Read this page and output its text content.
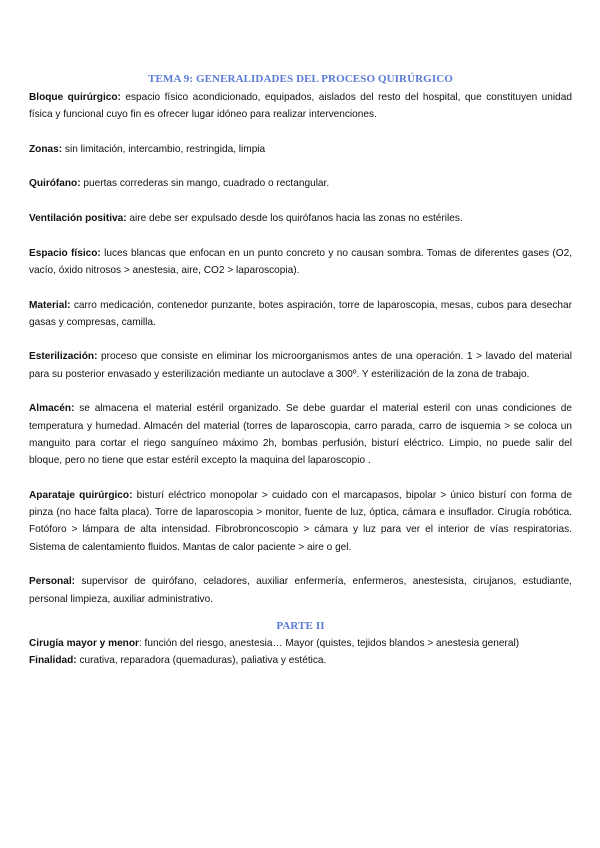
TEMA 9: GENERALIDADES DEL PROCESO QUIRÚRGICO

Bloque quirúrgico: espacio físico acondicionado, equipados, aislados del resto del hospital, que constituyen unidad física y funcional cuyo fin es ofrecer lugar idóneo para realizar intervenciones.

Zonas: sin limitación, intercambio, restringida, limpia

Quirófano: puertas correderas sin mango, cuadrado o rectangular.

Ventilación positiva: aire debe ser expulsado desde los quirófanos hacia las zonas no estériles.

Espacio físico: luces blancas que enfocan en un punto concreto y no causan sombra. Tomas de diferentes gases (O2, vacío, óxido nitrosos > anestesia, aire, CO2 > laparoscopia).

Material: carro medicación, contenedor punzante, botes aspiración, torre de laparoscopia, mesas, cubos para desechar gasas y compresas, camilla.

Esterilización: proceso que consiste en eliminar los microorganismos antes de una operación. 1 > lavado del material para su posterior envasado y esterilización mediante un autoclave a 300º. Y esterilización de la zona de trabajo.

Almacén: se almacena el material estéril organizado. Se debe guardar el material esteril con unas condiciones de temperatura y humedad. Almacén del material (torres de laparoscopia, carro parada, carro de isquemia > se coloca un manguito para cortar el riego sanguíneo máximo 2h, bombas perfusión, bisturí eléctrico. Limpio, no puede salir del bloque, pero no tiene que estar estéril excepto la maquina del laparoscopio .

Aparataje quirúrgico: bisturí eléctrico monopolar > cuidado con el marcapasos, bipolar > único bisturí con forma de pinza (no hace falta placa). Torre de laparoscopia > monitor, fuente de luz, óptica, cámara e insuflador. Cirugía robótica. Fotóforo > lámpara de alta intensidad. Fibrobroncoscopio > cámara y luz para ver el interior de vías respiratorias. Sistema de calentamiento fluidos. Mantas de calor paciente > aire o gel.

Personal: supervisor de quirófano, celadores, auxiliar enfermería, enfermeros, anestesista, cirujanos, estudiante, personal limpieza, auxiliar administrativo.

PARTE II

Cirugía mayor y menor: función del riesgo, anestesia… Mayor (quistes, tejidos blandos > anestesia general)

Finalidad: curativa, reparadora (quemaduras), paliativa y estética.
